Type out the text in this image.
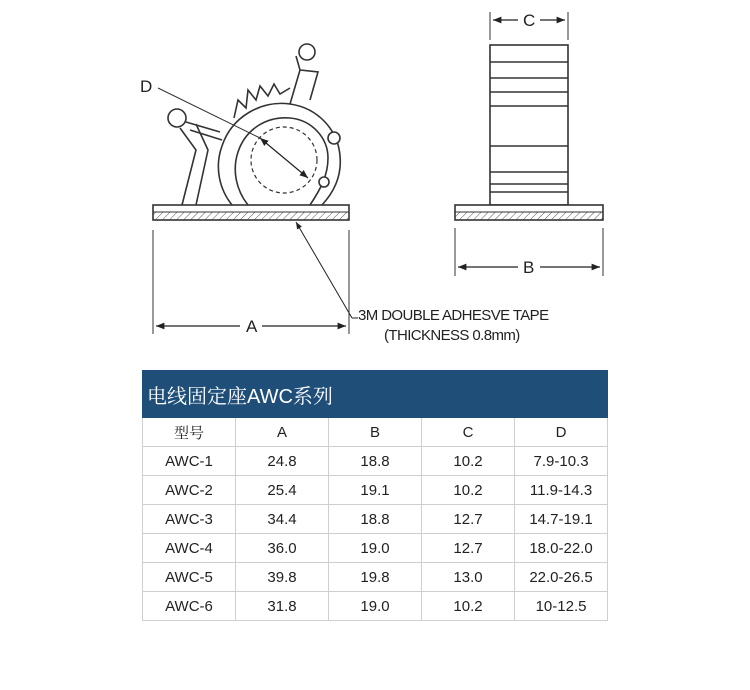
D
A
3M DOUBLE ADHESVE TAPE
(THICKNESS 0.8mm)
C
B
电线固定座AWC系列				
型号	A	B	C	D
AWC-1	24.8	18.8	10.2	7.9-10.3
AWC-2	25.4	19.1	10.2	11.9-14.3
AWC-3	34.4	18.8	12.7	14.7-19.1
AWC-4	36.0	19.0	12.7	18.0-22.0
AWC-5	39.8	19.8	13.0	22.0-26.5
AWC-6	31.8	19.0	10.2	10-12.5
